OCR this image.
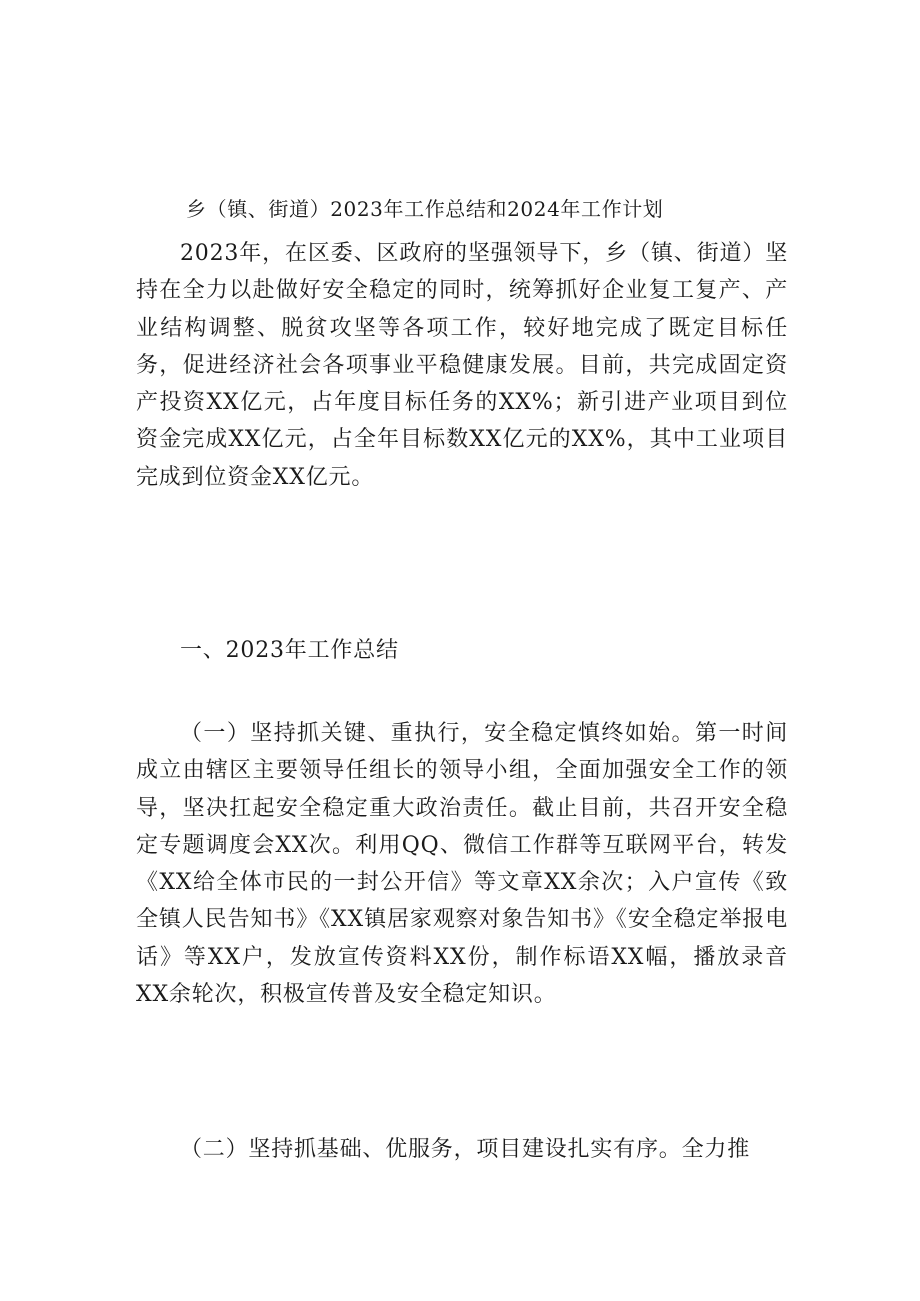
乡（镇、街道）2023年工作总结和2024年工作计划

2023年，在区委、区政府的坚强领导下，乡（镇、街道）坚持在全力以赴做好安全稳定的同时，统筹抓好企业复工复产、产业结构调整、脱贫攻坚等各项工作，较好地完成了既定目标任务，促进经济社会各项事业平稳健康发展。目前，共完成固定资产投资XX亿元，占年度目标任务的XX%；新引进产业项目到位资金完成XX亿元，占全年目标数XX亿元的XX%，其中工业项目完成到位资金XX亿元。

一、2023年工作总结

（一）坚持抓关键、重执行，安全稳定慎终如始。第一时间成立由辖区主要领导任组长的领导小组，全面加强安全工作的领导，坚决扛起安全稳定重大政治责任。截止目前，共召开安全稳定专题调度会XX次。利用QQ、微信工作群等互联网平台，转发《XX给全体市民的一封公开信》等文章XX余次；入户宣传《致全镇人民告知书》《XX镇居家观察对象告知书》《安全稳定举报电话》等XX户，发放宣传资料XX份，制作标语XX幅，播放录音XX余轮次，积极宣传普及安全稳定知识。

（二）坚持抓基础、优服务，项目建设扎实有序。全力推
